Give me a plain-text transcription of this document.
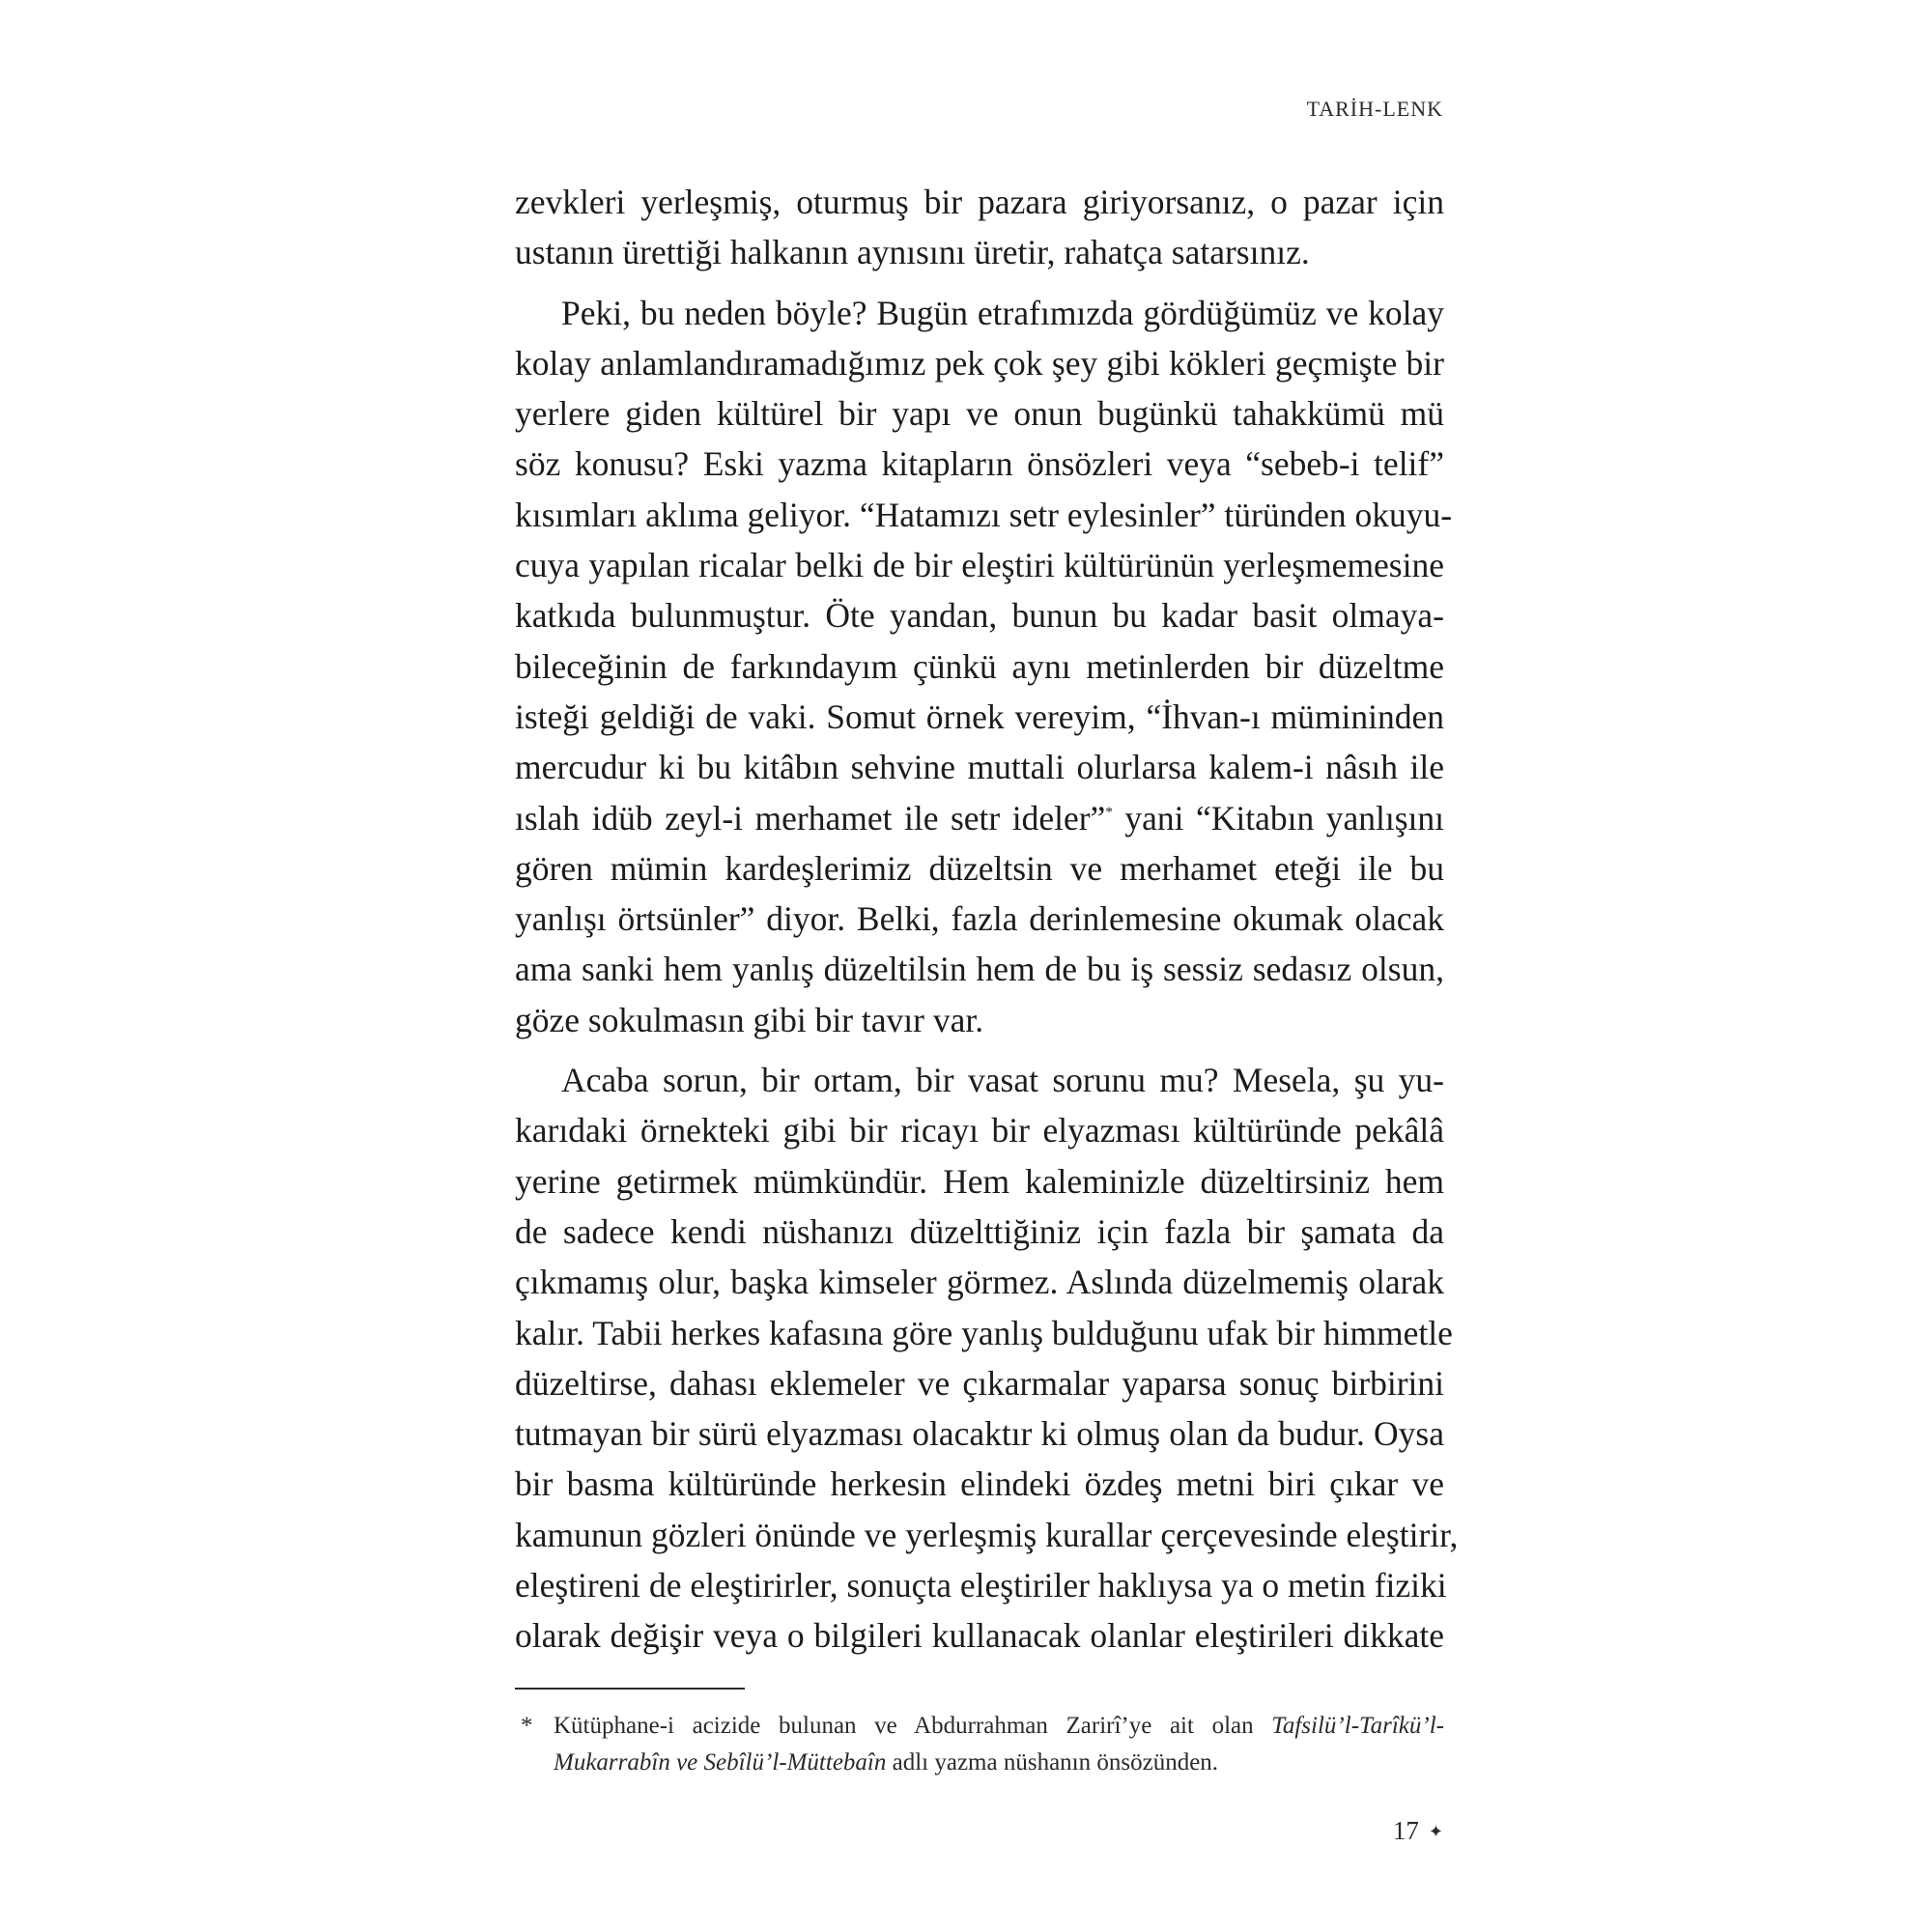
TARİH-LENK
zevkleri yerleşmiş, oturmuş bir pazara giriyorsanız, o pazar için
ustanın ürettiği halkanın aynısını üretir, rahatça satarsınız.
Peki, bu neden böyle? Bugün etrafımızda gördüğümüz ve kolay
kolay anlamlandıramadığımız pek çok şey gibi kökleri geçmişte bir
yerlere giden kültürel bir yapı ve onun bugünkü tahakkümü mü
söz konusu? Eski yazma kitapların önsözleri veya “sebeb-i telif”
kısımları aklıma geliyor. “Hatamızı setr eylesinler” türünden okuyu-
cuya yapılan ricalar belki de bir eleştiri kültürünün yerleşmemesine
katkıda bulunmuştur. Öte yandan, bunun bu kadar basit olmaya-
bileceğinin de farkındayım çünkü aynı metinlerden bir düzeltme
isteği geldiği de vaki. Somut örnek vereyim, “İhvan-ı mümininden
mercudur ki bu kitâbın sehvine muttali olurlarsa kalem-i nâsıh ile
ıslah idüb zeyl-i merhamet ile setr ideler”* yani “Kitabın yanlışını
gören mümin kardeşlerimiz düzeltsin ve merhamet eteği ile bu
yanlışı örtsünler” diyor. Belki, fazla derinlemesine okumak olacak
ama sanki hem yanlış düzeltilsin hem de bu iş sessiz sedasız olsun,
göze sokulmasın gibi bir tavır var.
Acaba sorun, bir ortam, bir vasat sorunu mu? Mesela, şu yu-
karıdaki örnekteki gibi bir ricayı bir elyazması kültüründe pekâlâ
yerine getirmek mümkündür. Hem kaleminizle düzeltirsiniz hem
de sadece kendi nüshanızı düzelttiğiniz için fazla bir şamata da
çıkmamış olur, başka kimseler görmez. Aslında düzelmemiş olarak
kalır. Tabii herkes kafasına göre yanlış bulduğunu ufak bir himmetle
düzeltirse, dahası eklemeler ve çıkarmalar yaparsa sonuç birbirini
tutmayan bir sürü elyazması olacaktır ki olmuş olan da budur. Oysa
bir basma kültüründe herkesin elindeki özdeş metni biri çıkar ve
kamunun gözleri önünde ve yerleşmiş kurallar çerçevesinde eleştirir,
eleştireni de eleştirirler, sonuçta eleştiriler haklıysa ya o metin fiziki
olarak değişir veya o bilgileri kullanacak olanlar eleştirileri dikkate
* Kütüphane-i acizide bulunan ve Abdurrahman Zarirî’ye ait olan Tafsilü’l-Tarîkü’l-
Mukarrabîn ve Sebîlü’l-Müttebaîn adlı yazma nüshanın önsözünden.
17 ✦
